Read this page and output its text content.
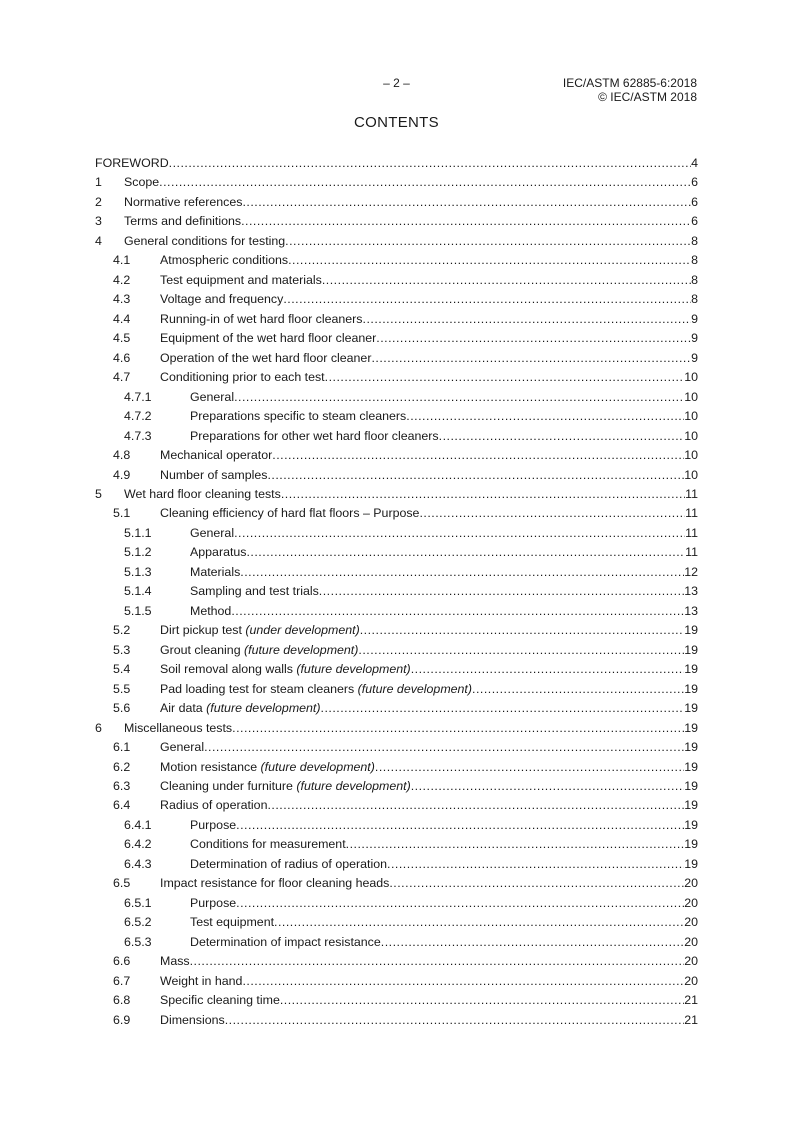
– 2 –	IEC/ASTM 62885-6:2018
© IEC/ASTM 2018
CONTENTS
FOREWORD .....	4
1	Scope .....	6
2	Normative references .....	6
3	Terms and definitions .....	6
4	General conditions for testing .....	8
4.1	Atmospheric conditions .....	8
4.2	Test equipment and materials .....	8
4.3	Voltage and frequency .....	8
4.4	Running-in of wet hard floor cleaners .....	9
4.5	Equipment of the wet hard floor cleaner .....	9
4.6	Operation of the wet hard floor cleaner .....	9
4.7	Conditioning prior to each test .....	10
4.7.1	General .....	10
4.7.2	Preparations specific to steam cleaners .....	10
4.7.3	Preparations for other wet hard floor cleaners .....	10
4.8	Mechanical operator .....	10
4.9	Number of samples .....	10
5	Wet hard floor cleaning tests .....	11
5.1	Cleaning efficiency of hard flat floors – Purpose .....	11
5.1.1	General .....	11
5.1.2	Apparatus .....	11
5.1.3	Materials .....	12
5.1.4	Sampling and test trials .....	13
5.1.5	Method .....	13
5.2	Dirt pickup test (under development) .....	19
5.3	Grout cleaning (future development) .....	19
5.4	Soil removal along walls (future development) .....	19
5.5	Pad loading test for steam cleaners (future development) .....	19
5.6	Air data (future development) .....	19
6	Miscellaneous tests .....	19
6.1	General .....	19
6.2	Motion resistance (future development) .....	19
6.3	Cleaning under furniture (future development) .....	19
6.4	Radius of operation .....	19
6.4.1	Purpose .....	19
6.4.2	Conditions for measurement .....	19
6.4.3	Determination of radius of operation .....	19
6.5	Impact resistance for floor cleaning heads .....	20
6.5.1	Purpose .....	20
6.5.2	Test equipment .....	20
6.5.3	Determination of impact resistance .....	20
6.6	Mass .....	20
6.7	Weight in hand .....	20
6.8	Specific cleaning time .....	21
6.9	Dimensions .....	21
